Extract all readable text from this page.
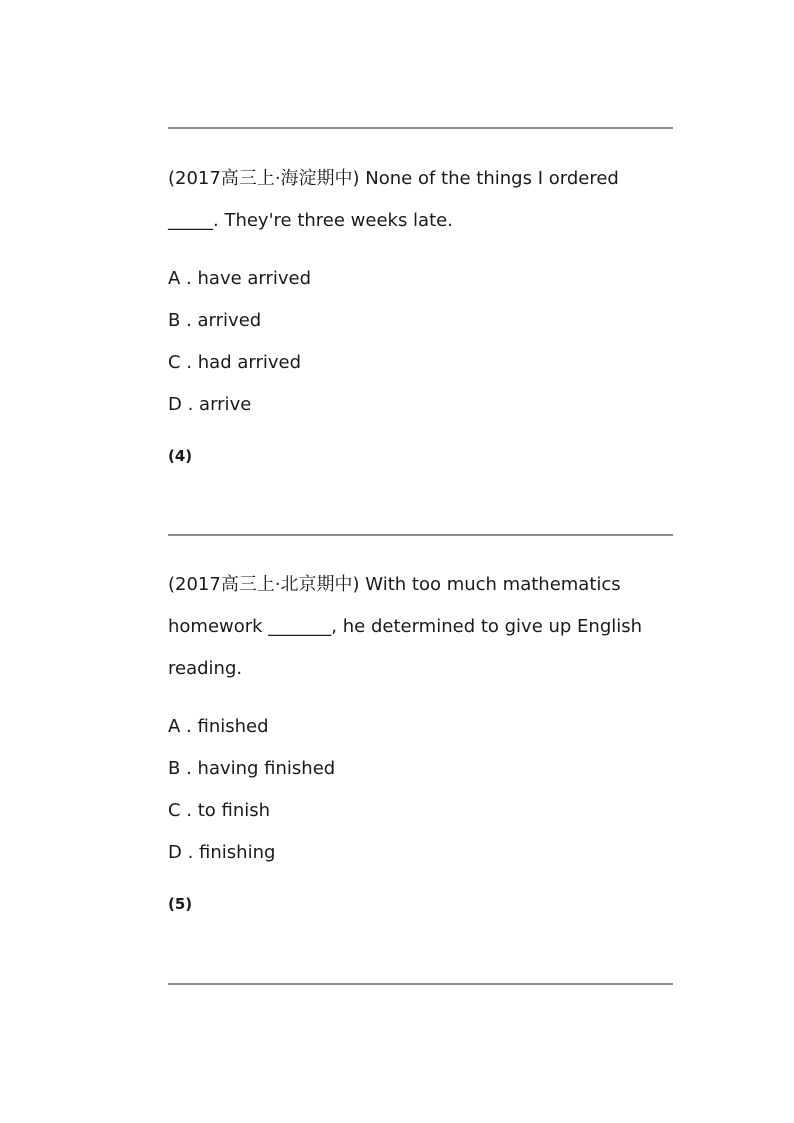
(2017高三上·海淀期中) None of the things I ordered _____. They're three weeks late.

A . have arrived
B . arrived
C . had arrived
D . arrive
(4)

(2017高三上·北京期中) With too much mathematics homework _______, he determined to give up English reading.

A . finished
B . having finished
C . to finish
D . finishing
(5)
